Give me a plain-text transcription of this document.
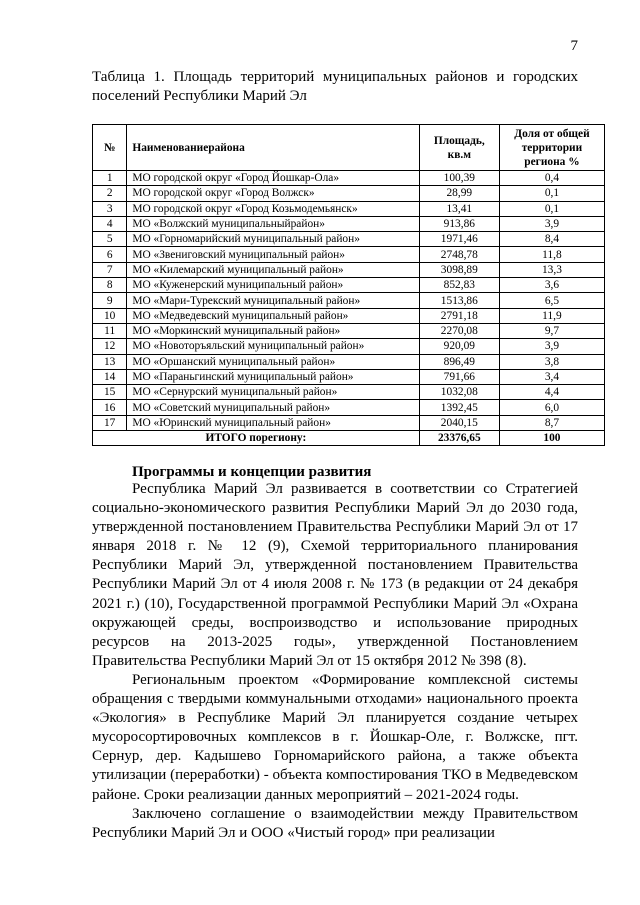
7
Таблица 1. Площадь территорий муниципальных районов и городских поселений Республики Марий Эл
№	Наименованиерайона	Площадь, кв.м	Доля от общей территории региона %
1	МО городской округ «Город Йошкар-Ола»	100,39	0,4
2	МО городской округ «Город Волжск»	28,99	0,1
3	МО городской округ «Город Козьмодемьянск»	13,41	0,1
4	МО «Волжский муниципальныйрайон»	913,86	3,9
5	МО «Горномарийский муниципальный район»	1971,46	8,4
6	МО «Звениговский муниципальный район»	2748,78	11,8
7	МО «Килемарский муниципальный район»	3098,89	13,3
8	МО «Куженерский муниципальный район»	852,83	3,6
9	МО «Мари-Турекский муниципальный район»	1513,86	6,5
10	МО «Медведевский муниципальный район»	2791,18	11,9
11	МО «Моркинский муниципальный район»	2270,08	9,7
12	МО «Новоторъяльский муниципальный район»	920,09	3,9
13	МО «Оршанский муниципальный район»	896,49	3,8
14	МО «Параньгинский муниципальный район»	791,66	3,4
15	МО «Сернурский муниципальный район»	1032,08	4,4
16	МО «Советский муниципальный район»	1392,45	6,0
17	МО «Юринский муниципальный район»	2040,15	8,7
ИТОГО порегиону:		23376,65	100
Программы и концепции развития

Республика Марий Эл развивается в соответствии со Стратегией социально-экономического развития Республики Марий Эл до 2030 года, утвержденной постановлением Правительства Республики Марий Эл от 17 января 2018 г. № 12 (9), Схемой территориального планирования Республики Марий Эл, утвержденной постановлением Правительства Республики Марий Эл от 4 июля 2008 г. № 173 (в редакции от 24 декабря 2021 г.) (10), Государственной программой Республики Марий Эл «Охрана окружающей среды, воспроизводство и использование природных ресурсов на 2013-2025 годы», утвержденной Постановлением Правительства Республики Марий Эл от 15 октября 2012 № 398 (8).

Региональным проектом «Формирование комплексной системы обращения с твердыми коммунальными отходами» национального проекта «Экология» в Республике Марий Эл планируется создание четырех мусоросортировочных комплексов в г. Йошкар-Оле, г. Волжске, пгт. Сернур, дер. Кадышево Горномарийского района, а также объекта утилизации (переработки) - объекта компостирования ТКО в Медведевском районе. Сроки реализации данных мероприятий – 2021-2024 годы.

Заключено соглашение о взаимодействии между Правительством Республики Марий Эл и ООО «Чистый город» при реализации
